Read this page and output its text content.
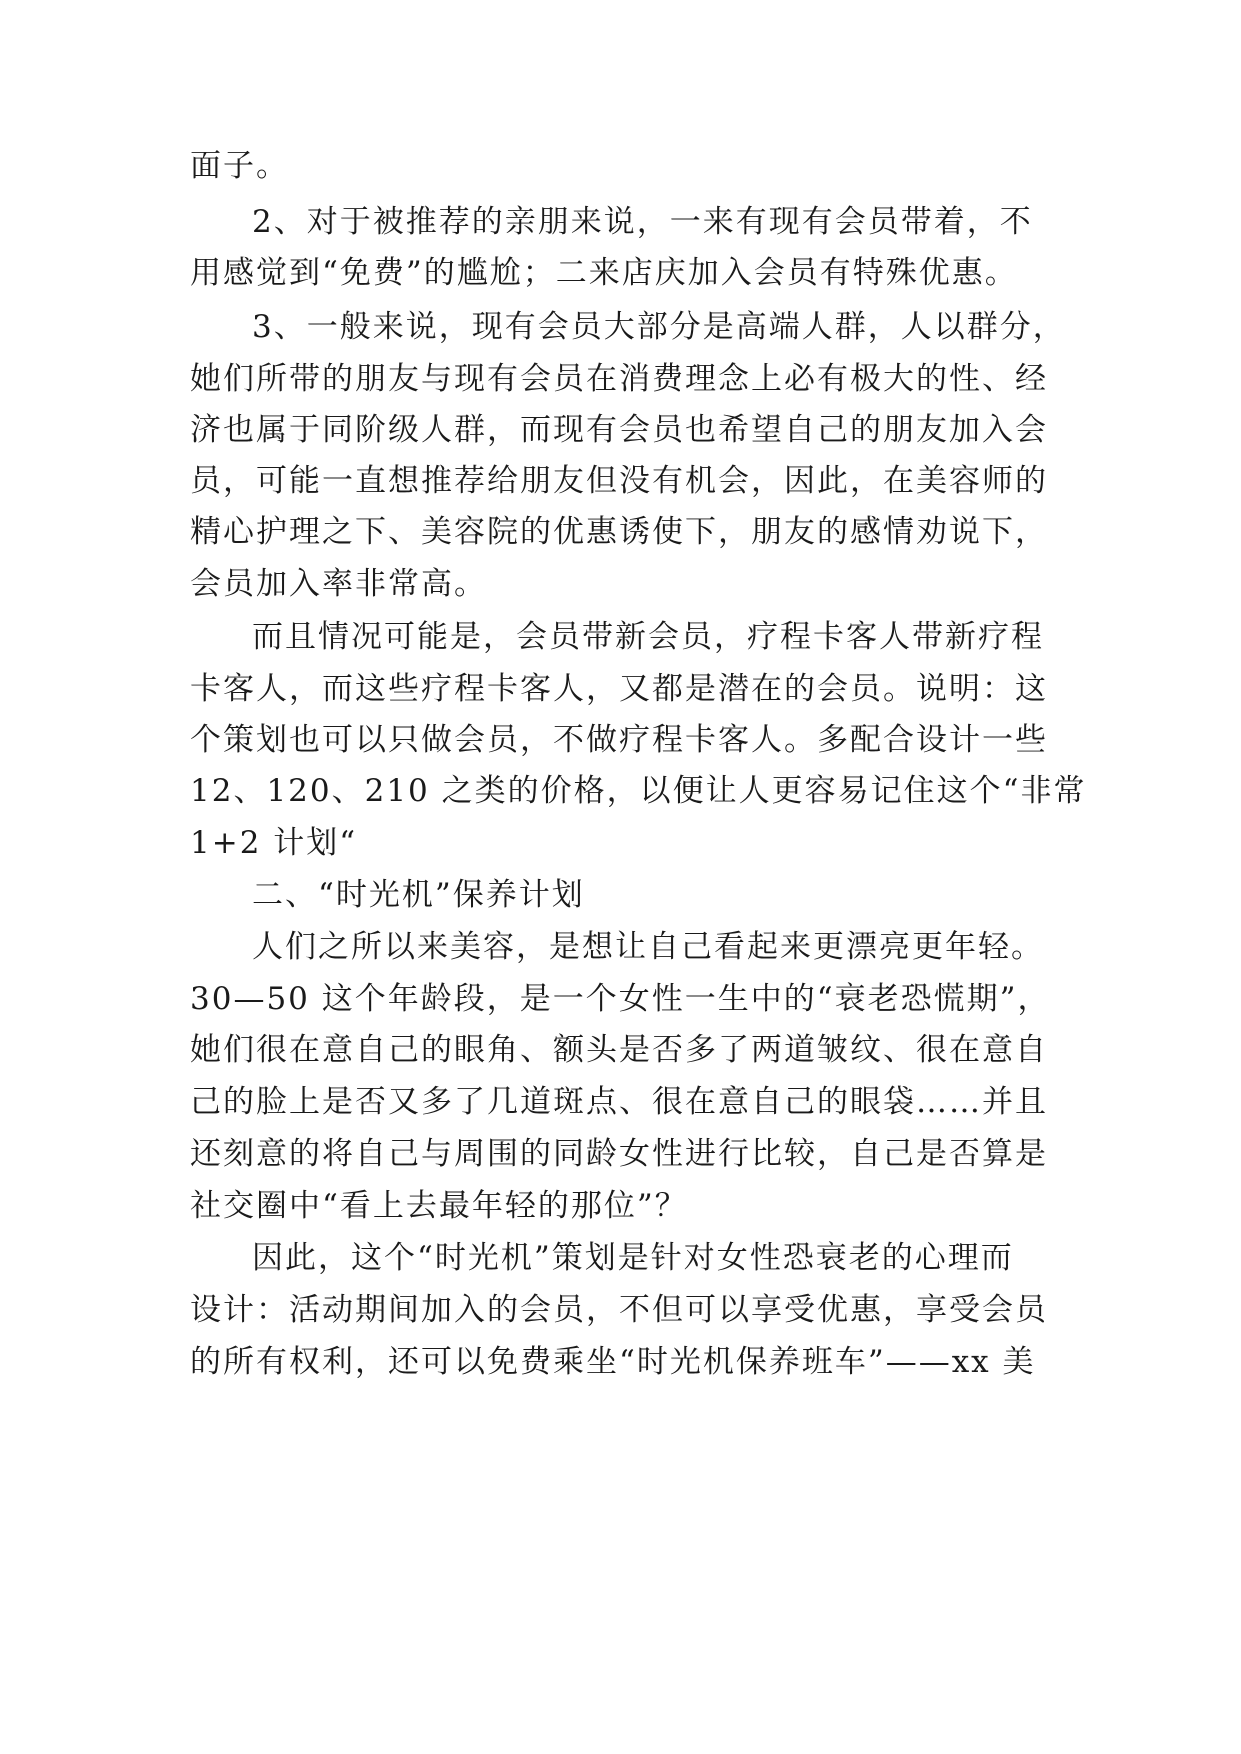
面子。
2、对于被推荐的亲朋来说，一来有现有会员带着，不
用感觉到“免费”的尴尬；二来店庆加入会员有特殊优惠。
3、一般来说，现有会员大部分是高端人群，人以群分，
她们所带的朋友与现有会员在消费理念上必有极大的性、经
济也属于同阶级人群，而现有会员也希望自己的朋友加入会
员，可能一直想推荐给朋友但没有机会，因此，在美容师的
精心护理之下、美容院的优惠诱使下，朋友的感情劝说下，
会员加入率非常高。
而且情况可能是，会员带新会员，疗程卡客人带新疗程
卡客人，而这些疗程卡客人，又都是潜在的会员。说明：这
个策划也可以只做会员，不做疗程卡客人。多配合设计一些
12、120、210 之类的价格，以便让人更容易记住这个“非常
1+2 计划“
二、“时光机”保养计划
人们之所以来美容，是想让自己看起来更漂亮更年轻。
30—50 这个年龄段，是一个女性一生中的“衰老恐慌期”，
她们很在意自己的眼角、额头是否多了两道皱纹、很在意自
己的脸上是否又多了几道斑点、很在意自己的眼袋……并且
还刻意的将自己与周围的同龄女性进行比较，自己是否算是
社交圈中“看上去最年轻的那位”？
因此，这个“时光机”策划是针对女性恐衰老的心理而
设计：活动期间加入的会员，不但可以享受优惠，享受会员
的所有权利，还可以免费乘坐“时光机保养班车”——xx 美
